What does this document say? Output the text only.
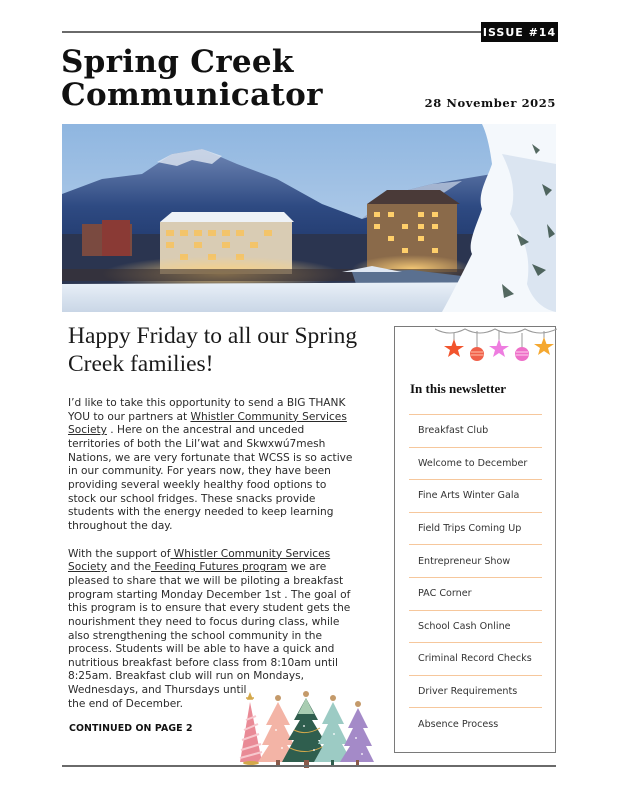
ISSUE #14
Spring Creek
Communicator	28 November 2025
Happy Friday to all our Spring Creek families!

I’d like to take this opportunity to send a BIG THANK YOU to our partners at Whistler Community Services Society . Here on the ancestral and unceded territories of both the Lil’wat and Skwxwú7mesh Nations, we are very fortunate that WCSS is so active in our community. For years now, they have been providing several weekly healthy food options to stock our school fridges. These snacks provide students with the energy needed to keep learning throughout the day.

With the support of Whistler Community Services Society and the Feeding Futures program we are pleased to share that we will be piloting a breakfast program starting Monday December 1st . The goal of this program is to ensure that every student gets the nourishment they need to focus during class, while also strengthening the school community in the process. Students will be able to have a quick and nutritious breakfast before class from 8:10am until 8:25am. Breakfast club will run on Mondays, Wednesdays, and Thursdays until
the end of December.

CONTINUED ON PAGE 2
In this newsletter
Breakfast Club
Welcome to December
Fine Arts Winter Gala
Field Trips Coming Up
Entrepreneur Show
PAC Corner
School Cash Online
Criminal Record Checks
Driver Requirements
Absence Process
